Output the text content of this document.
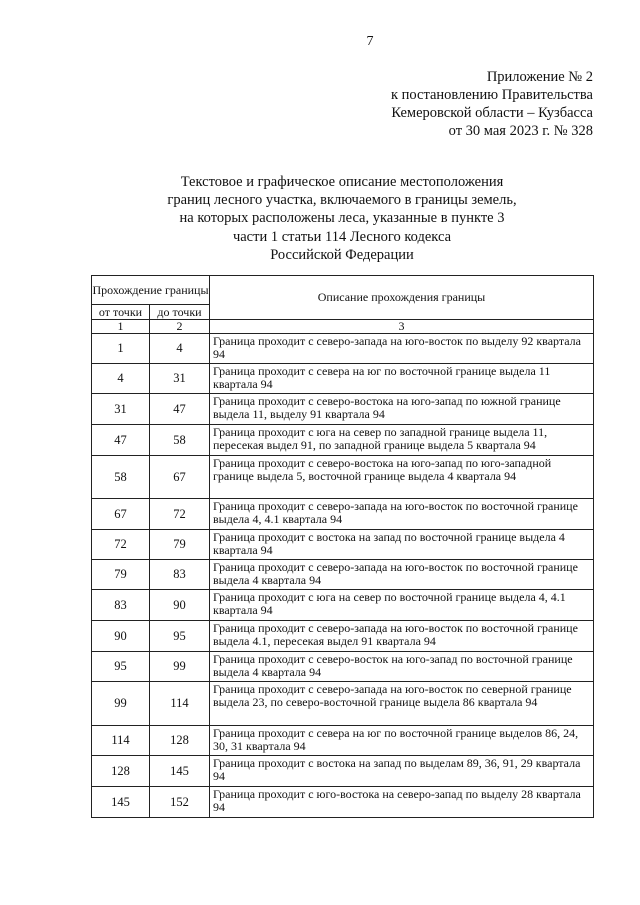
7
Приложение № 2
к постановлению Правительства
Кемеровской области – Кузбасса
от 30 мая 2023 г. № 328
Текстовое и графическое описание местоположения
границ лесного участка, включаемого в границы земель,
на которых расположены леса, указанные в пункте 3
части 1 статьи 114 Лесного кодекса
Российской Федерации
Прохождение границы		Описание прохождения границы
от точки	до точки	
1	2	3
1	4	Граница проходит с северо-запада на юго-восток по выделу 92 квартала 94
4	31	Граница проходит с севера на юг по восточной границе выдела 11 квартала 94
31	47	Граница проходит с северо-востока на юго-запад по южной границе выдела 11, выделу 91 квартала 94
47	58	Граница проходит с юга на север по западной границе выдела 11, пересекая выдел 91, по западной границе выдела 5 квартала 94
58	67	Граница проходит с северо-востока на юго-запад по юго-западной границе выдела 5, восточной границе выдела 4 квартала 94
67	72	Граница проходит с северо-запада на юго-восток по восточной границе выдела 4, 4.1 квартала 94
72	79	Граница проходит с востока на запад по восточной границе выдела 4 квартала 94
79	83	Граница проходит с северо-запада на юго-восток по восточной границе выдела 4 квартала 94
83	90	Граница проходит с юга на север по восточной границе выдела 4, 4.1 квартала 94
90	95	Граница проходит с северо-запада на юго-восток по восточной границе выдела 4.1, пересекая выдел 91 квартала 94
95	99	Граница проходит с северо-восток на юго-запад по восточной границе выдела 4 квартала 94
99	114	Граница проходит с северо-запада на юго-восток по северной границе выдела 23, по северо-восточной границе выдела 86 квартала 94
114	128	Граница проходит с севера на юг по восточной границе выделов 86, 24, 30, 31 квартала 94
128	145	Граница проходит с востока на запад по выделам 89, 36, 91, 29 квартала 94
145	152	Граница проходит с юго-востока на северо-запад по выделу 28 квартала 94
